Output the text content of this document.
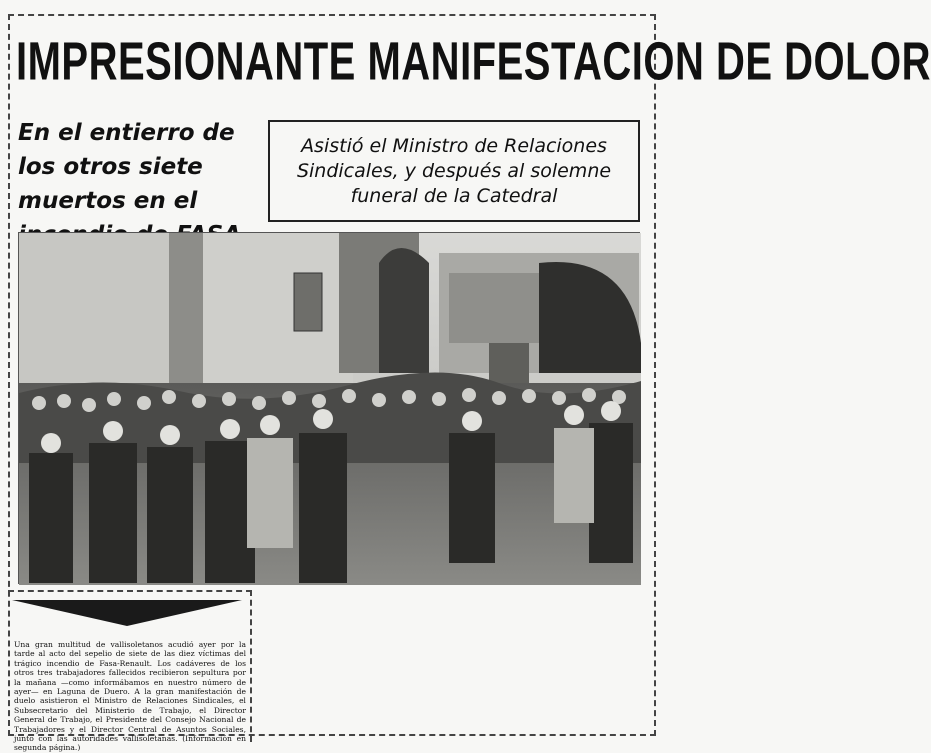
IMPRESIONANTE MANIFESTACION DE DOLOR

En el entierro de los otros siete muertos en el

Asistió el Ministro de Relaciones Sindicales, y después al solemne funeral de la Catedral

Una gran multitud de vallisoletanos acudió ayer por la tarde al acto del sepelio de siete de las diez víctimas del trágico incendio de Fasa-Renault. Los cadáveres de los otros tres trabajadores fallecidos recibieron sepultura por la mañana —como informábamos en nuestro número de ayer— en Laguna de Duero. A la gran manifestación de duelo asistieron el Ministro de Relaciones Sindicales, el Subsecretario del Ministerio de Trabajo, el Director General de Trabajo, el Presidente del Consejo Nacional de Trabajadores y el Director Central de Asuntos Sociales, junto con las autoridades vallisoletanas. (Información en segunda página.)
